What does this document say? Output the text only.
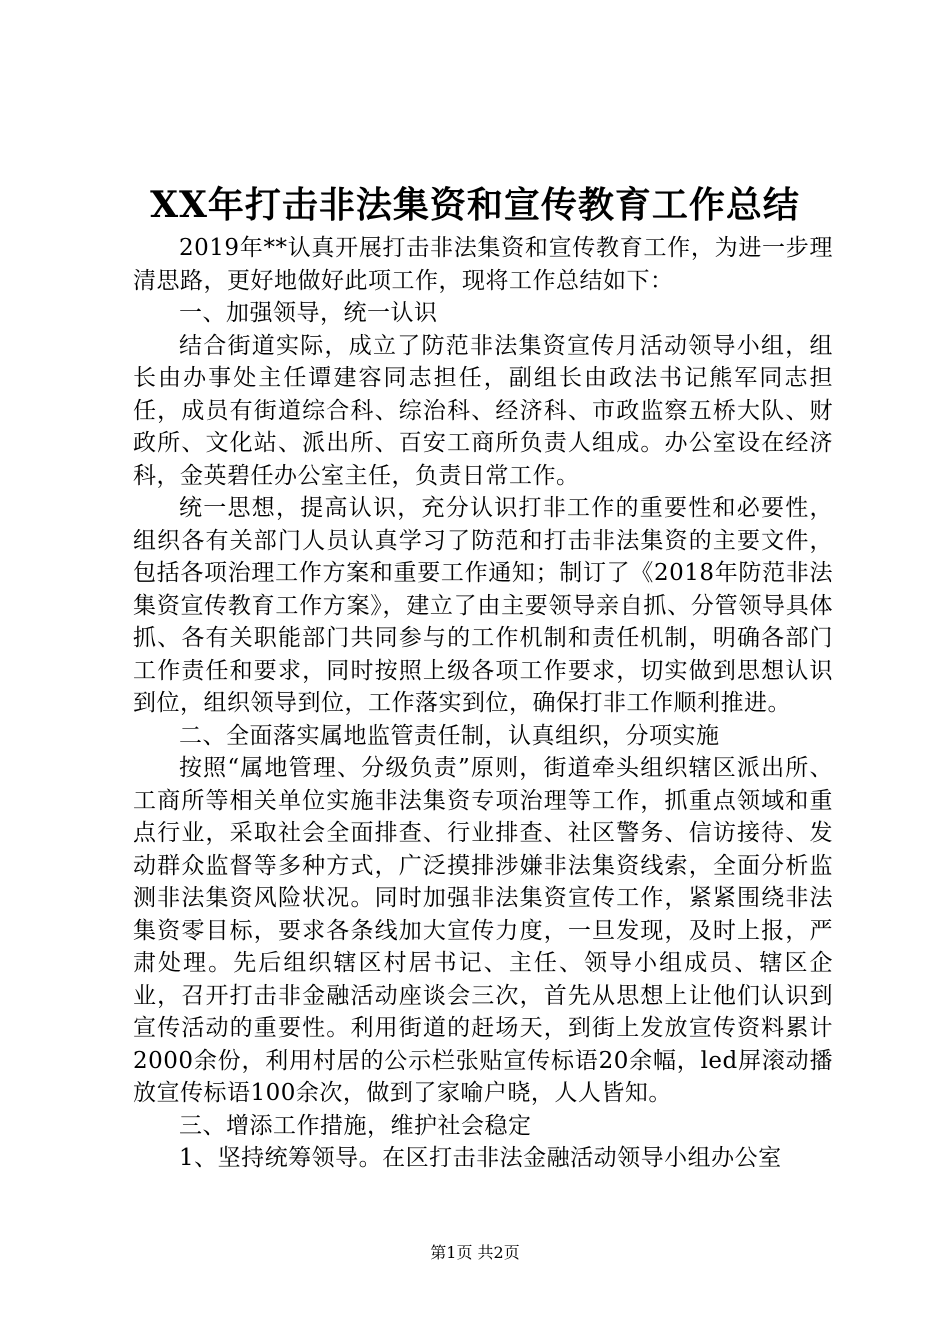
XX年打击非法集资和宣传教育工作总结

2019年**认真开展打击非法集资和宣传教育工作，为进一步理清思路，更好地做好此项工作，现将工作总结如下：

一、加强领导，统一认识

结合街道实际，成立了防范非法集资宣传月活动领导小组，组长由办事处主任谭建容同志担任，副组长由政法书记熊军同志担任，成员有街道综合科、综治科、经济科、市政监察五桥大队、财政所、文化站、派出所、百安工商所负责人组成。办公室设在经济科，金英碧任办公室主任，负责日常工作。

统一思想，提高认识，充分认识打非工作的重要性和必要性，组织各有关部门人员认真学习了防范和打击非法集资的主要文件，包括各项治理工作方案和重要工作通知；制订了《2018年防范非法集资宣传教育工作方案》，建立了由主要领导亲自抓、分管领导具体抓、各有关职能部门共同参与的工作机制和责任机制，明确各部门工作责任和要求，同时按照上级各项工作要求，切实做到思想认识到位，组织领导到位，工作落实到位，确保打非工作顺利推进。

二、全面落实属地监管责任制，认真组织，分项实施

按照“属地管理、分级负责”原则，街道牵头组织辖区派出所、工商所等相关单位实施非法集资专项治理等工作，抓重点领域和重点行业，采取社会全面排查、行业排查、社区警务、信访接待、发动群众监督等多种方式，广泛摸排涉嫌非法集资线索，全面分析监测非法集资风险状况。同时加强非法集资宣传工作，紧紧围绕非法集资零目标，要求各条线加大宣传力度，一旦发现，及时上报，严肃处理。先后组织辖区村居书记、主任、领导小组成员、辖区企业，召开打击非金融活动座谈会三次，首先从思想上让他们认识到宣传活动的重要性。利用街道的赶场天，到街上发放宣传资料累计2000余份，利用村居的公示栏张贴宣传标语20余幅，led屏滚动播放宣传标语100余次，做到了家喻户晓，人人皆知。

三、增添工作措施，维护社会稳定

1、坚持统筹领导。在区打击非法金融活动领导小组办公室

第1页 共2页
